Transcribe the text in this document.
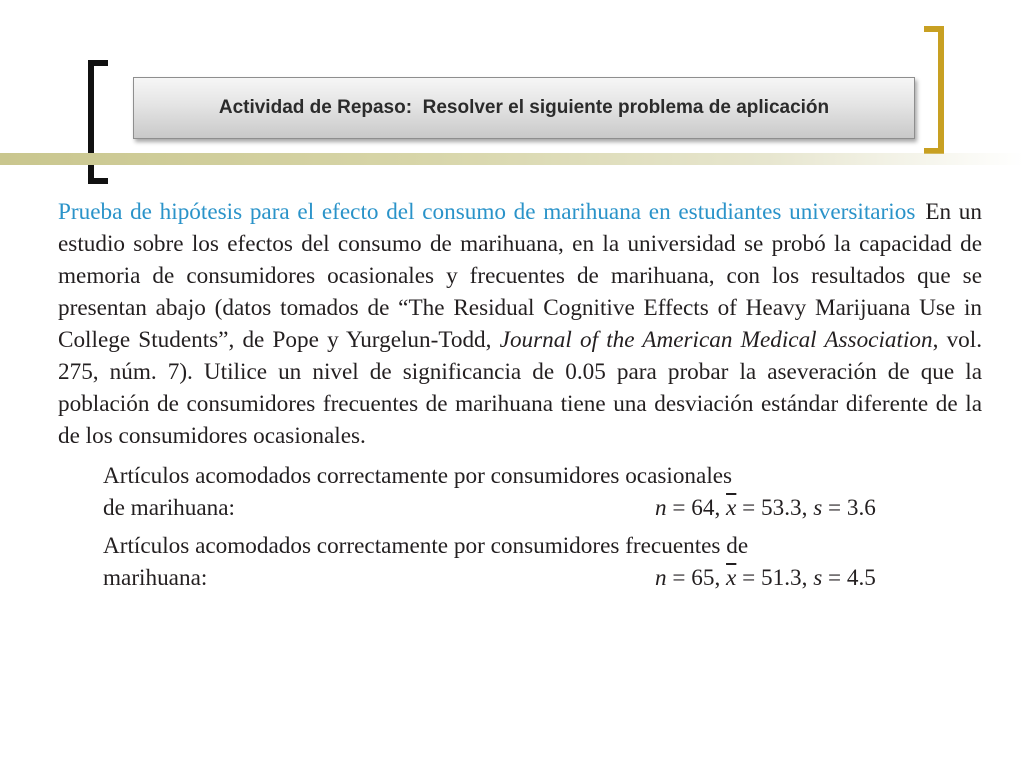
Actividad de Repaso:  Resolver el siguiente problema de aplicación

Prueba de hipótesis para el efecto del consumo de marihuana en estudiantes universitarios En un estudio sobre los efectos del consumo de marihuana, en la universidad se probó la capacidad de memoria de consumidores ocasionales y frecuentes de marihuana, con los resultados que se presentan abajo (datos tomados de “The Residual Cognitive Effects of Heavy Marijuana Use in College Students”, de Pope y Yurgelun-Todd, Journal of the American Medical Association, vol. 275, núm. 7). Utilice un nivel de significancia de 0.05 para probar la aseveración de que la población de consumidores frecuentes de marihuana tiene una desviación estándar diferente de la de los consumidores ocasionales.

Artículos acomodados correctamente por consumidores ocasionales
de marihuana:	n = 64, $\overline{x} = 53.3$, s = 3.6
Artículos acomodados correctamente por consumidores frecuentes de
marihuana:	n = 65, $\overline{x} = 51.3$, s = 4.5
